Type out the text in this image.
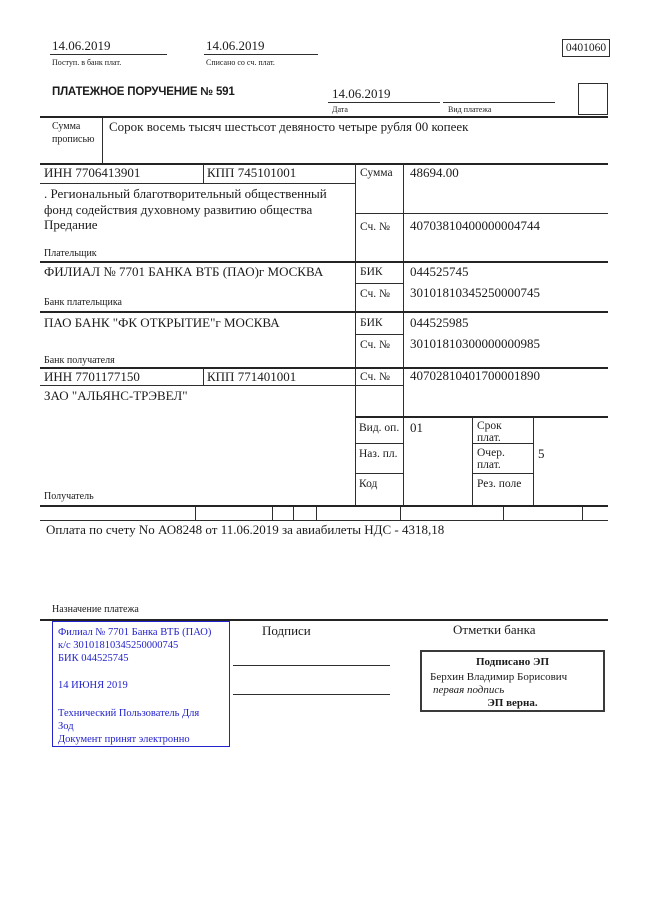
14.06.2019
Поступ. в банк плат.
14.06.2019
Списано со сч. плат.
0401060
ПЛАТЕЖНОЕ ПОРУЧЕНИЕ № 591	14.06.2019
Дата	Вид платежа
Сумма
прописью
Сорок восемь тысяч шестьсот девяносто четыре рубля 00 копеек
ИНН 7706413901	КПП 745101001	Сумма 48694.00
Сч. № 40703810400000004744
. Региональный благотворительный общественный фонд содействия духовному развитию общества Предание
Плательщик
ФИЛИАЛ № 7701 БАНКА ВТБ (ПАО)г МОСКВА	БИК 044525745
Сч. № 30101810345250000745
Банк плательщика
ПАО БАНК "ФК ОТКРЫТИЕ"г МОСКВА	БИК 044525985
Сч. № 30101810300000000985
Банк получателя
ИНН 7701177150	КПП 771401001	Сч. № 40702810401700001890
ЗАО "АЛЬЯНС-ТРЭВЕЛ"
Получатель
Вид. оп. 01	Срок плат.
Наз. пл.	Очер. плат.
5
Код	Рез. поле
Оплата по счету No АО8248 от 11.06.2019 за авиабилеты НДС - 4318,18
Назначение платежа
Филиал № 7701 Банка ВТБ (ПАО)
к/с 30101810345250000745
БИК 044525745
14 ИЮНЯ 2019
Технический Пользователь Для
Зод
Документ принят электронно
Подписи	Отметки банка
Подписано ЭП
Берхин Владимир Борисович
первая подпись
ЭП верна.
